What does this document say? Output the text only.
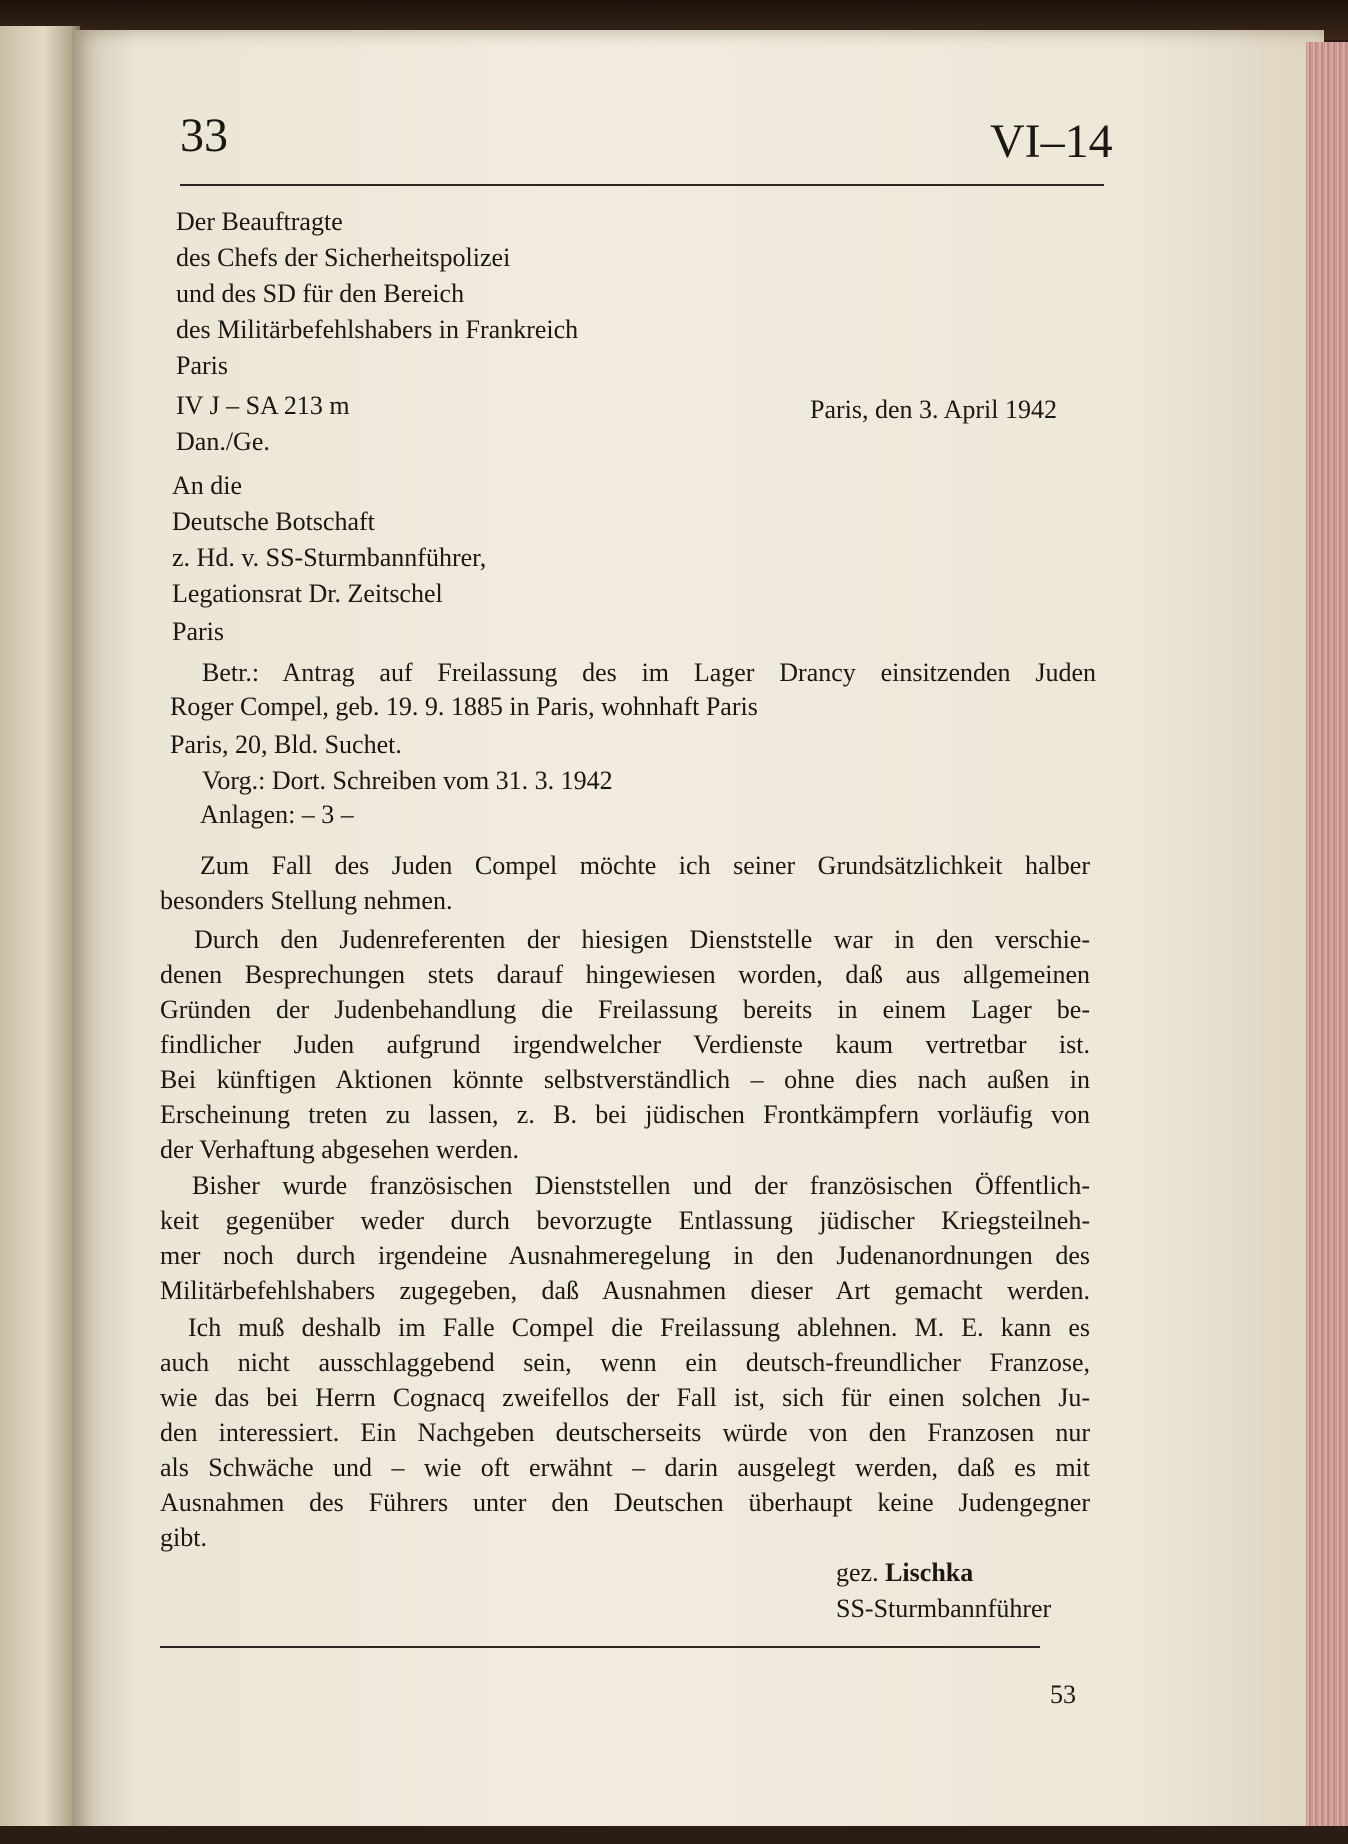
33	VI–14
Der Beauftragte
des Chefs der Sicherheitspolizei
und des SD für den Bereich
des Militärbefehlshabers in Frankreich
Paris
IV J – SA 213 m
Dan./Ge.
Paris, den 3. April 1942
An die
Deutsche Botschaft
z. Hd. v. SS-Sturmbannführer,
Legationsrat Dr. Zeitschel
Paris
Betr.: Antrag auf Freilassung des im Lager Drancy einsitzenden Juden
Roger Compel, geb. 19. 9. 1885 in Paris, wohnhaft Paris
Paris, 20, Bld. Suchet.
Vorg.: Dort. Schreiben vom 31. 3. 1942
Anlagen: – 3 –
Zum Fall des Juden Compel möchte ich seiner Grundsätzlichkeit halber
besonders Stellung nehmen.
Durch den Judenreferenten der hiesigen Dienststelle war in den verschie-
denen Besprechungen stets darauf hingewiesen worden, daß aus allgemeinen
Gründen der Judenbehandlung die Freilassung bereits in einem Lager be-
findlicher Juden aufgrund irgendwelcher Verdienste kaum vertretbar ist.
Bei künftigen Aktionen könnte selbstverständlich – ohne dies nach außen in
Erscheinung treten zu lassen, z. B. bei jüdischen Frontkämpfern vorläufig von
der Verhaftung abgesehen werden.
Bisher wurde französischen Dienststellen und der französischen Öffentlich-
keit gegenüber weder durch bevorzugte Entlassung jüdischer Kriegsteilneh-
mer noch durch irgendeine Ausnahmeregelung in den Judenanordnungen des
Militärbefehlshabers zugegeben, daß Ausnahmen dieser Art gemacht werden.
Ich muß deshalb im Falle Compel die Freilassung ablehnen. M. E. kann es
auch nicht ausschlaggebend sein, wenn ein deutsch-freundlicher Franzose,
wie das bei Herrn Cognacq zweifellos der Fall ist, sich für einen solchen Ju-
den interessiert. Ein Nachgeben deutscherseits würde von den Franzosen nur
als Schwäche und – wie oft erwähnt – darin ausgelegt werden, daß es mit
Ausnahmen des Führers unter den Deutschen überhaupt keine Judengegner
gibt.
gez. Lischka
SS-Sturmbannführer
53
